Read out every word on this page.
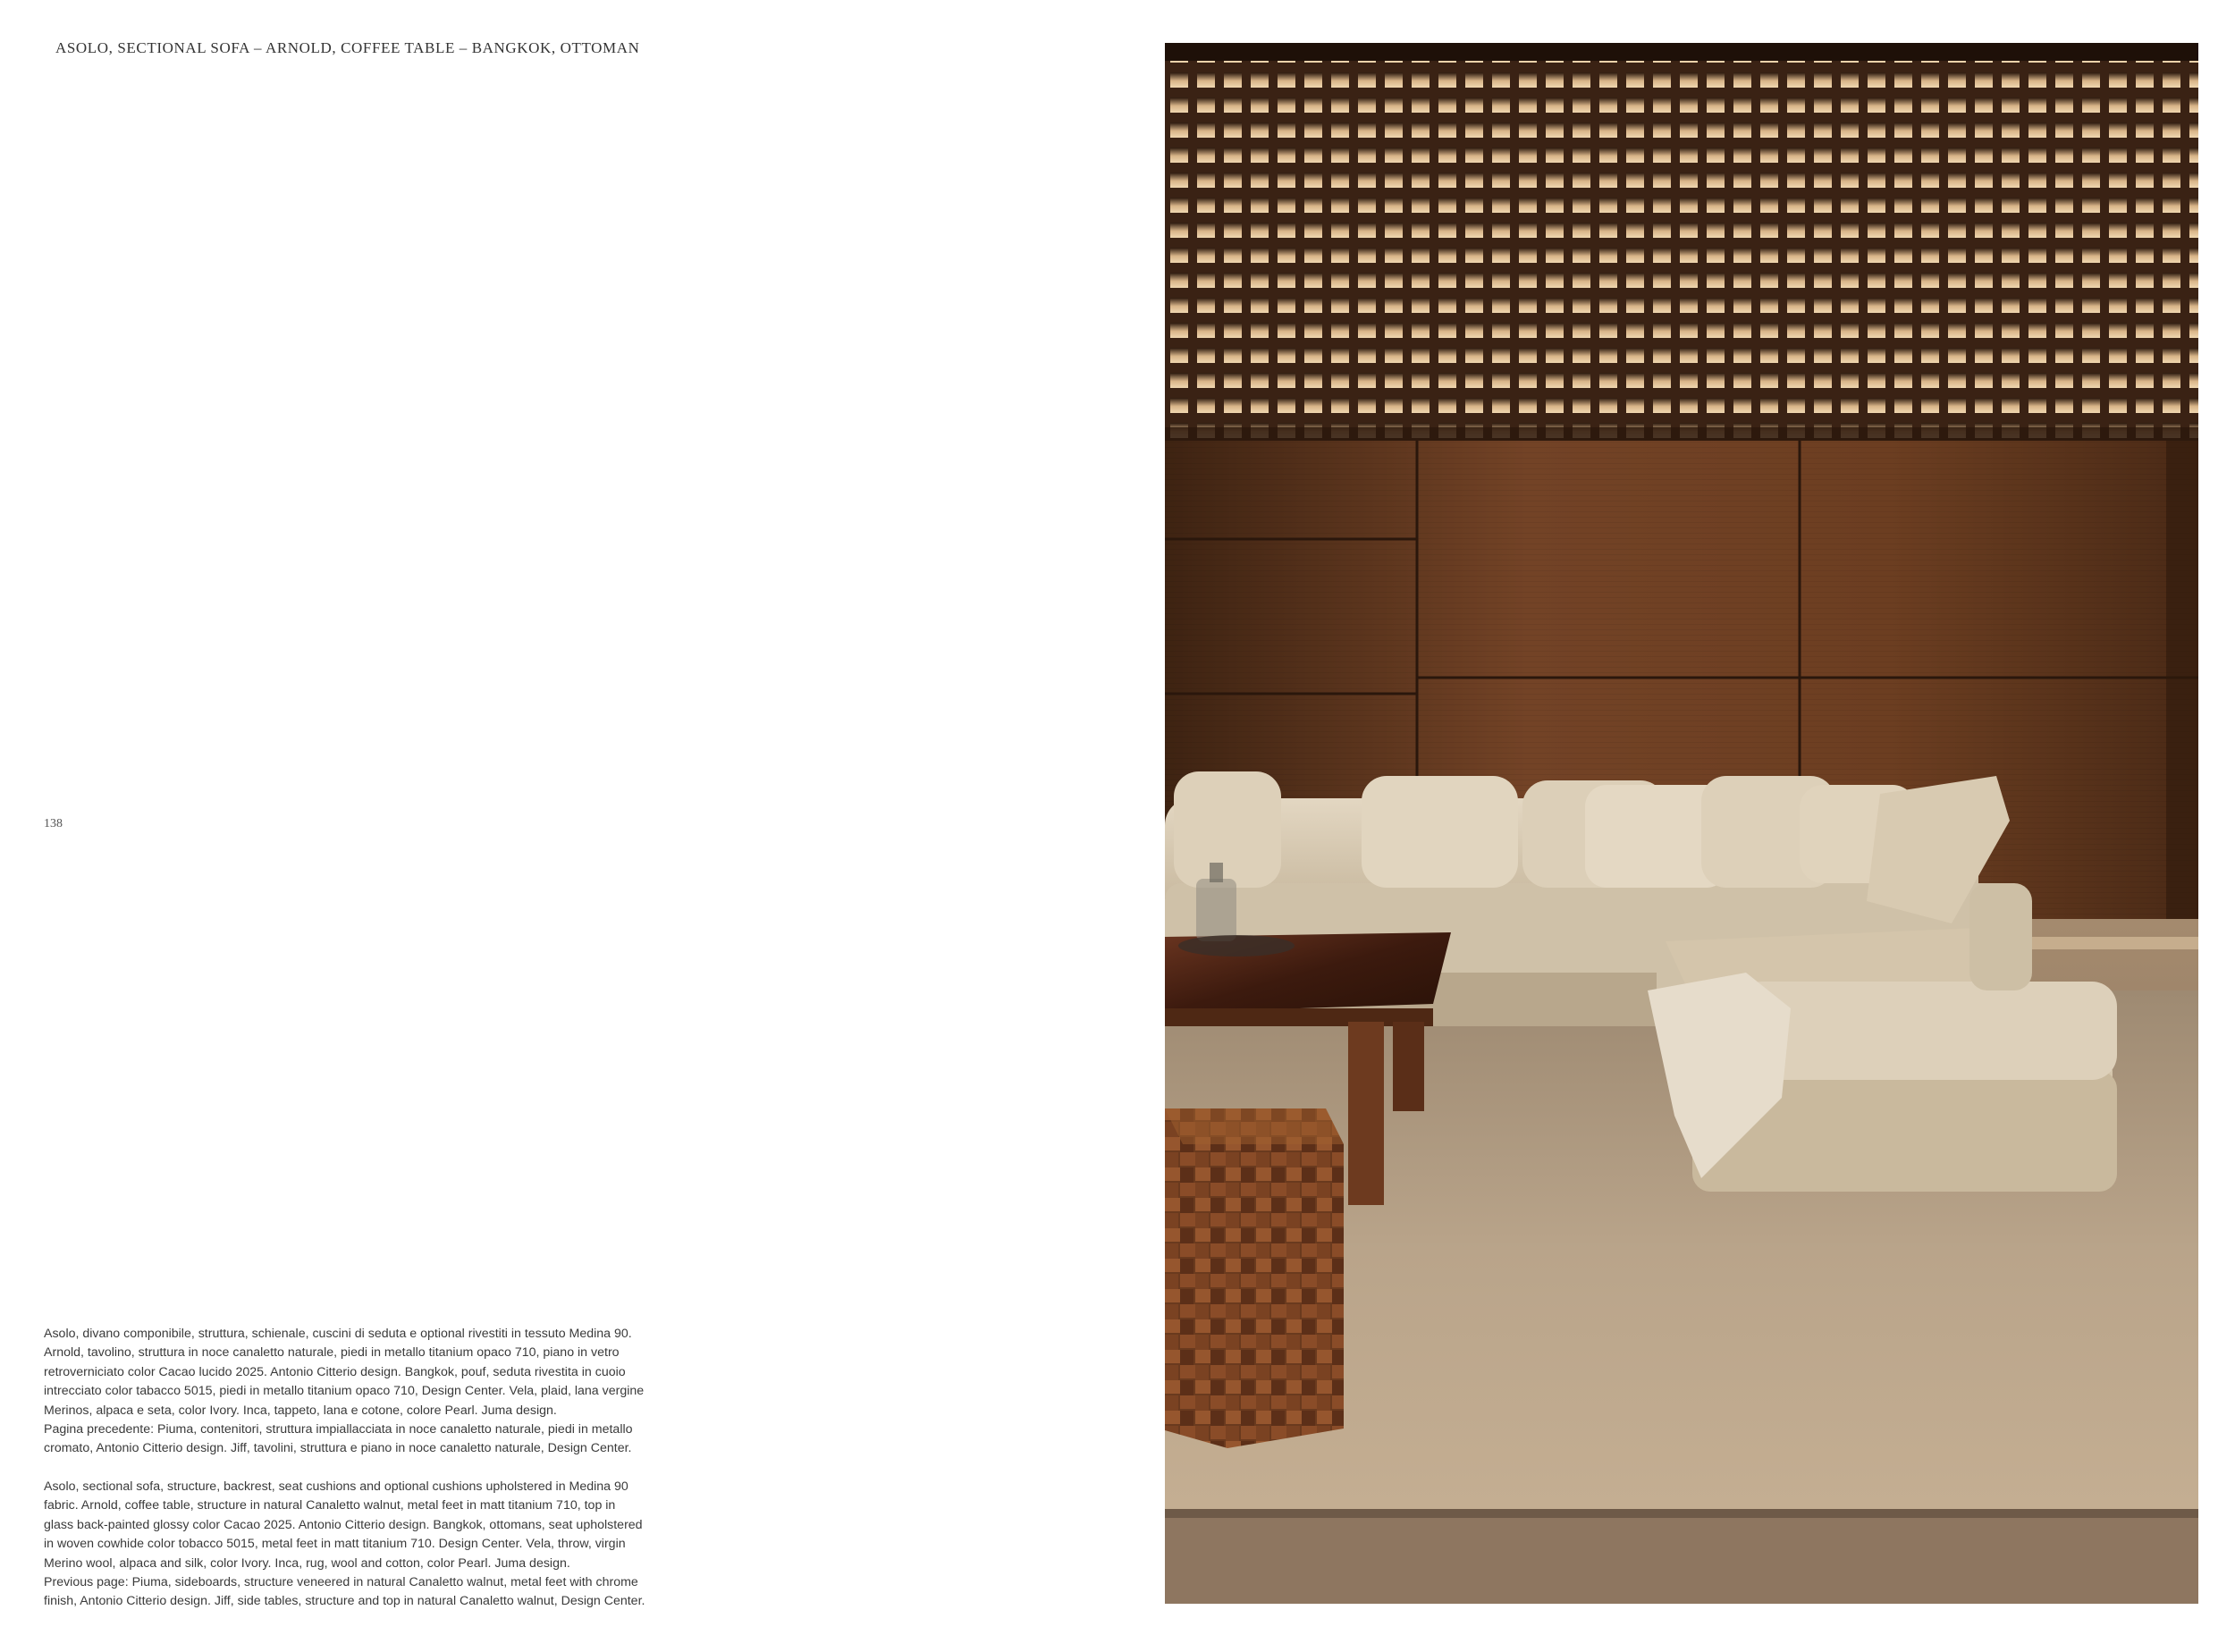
ASOLO, SECTIONAL SOFA – ARNOLD, COFFEE TABLE – BANGKOK, OTTOMAN
138

Asolo, divano componibile, struttura, schienale, cuscini di seduta e optional rivestiti in tessuto Medina 90.

Arnold, tavolino, struttura in noce canaletto naturale, piedi in metallo titanium opaco 710, piano in vetro

retroverniciato color Cacao lucido 2025. Antonio Citterio design. Bangkok, pouf, seduta rivestita in cuoio

intrecciato color tabacco 5015, piedi in metallo titanium opaco 710, Design Center. Vela, plaid, lana vergine

Merinos, alpaca e seta, color Ivory. Inca, tappeto, lana e cotone, colore Pearl. Juma design.

Pagina precedente: Piuma, contenitori, struttura impiallacciata in noce canaletto naturale, piedi in metallo

cromato, Antonio Citterio design. Jiff, tavolini, struttura e piano in noce canaletto naturale, Design Center.

Asolo, sectional sofa, structure, backrest, seat cushions and optional cushions upholstered in Medina 90

fabric. Arnold, coffee table, structure in natural Canaletto walnut, metal feet in matt titanium 710, top in

glass back-painted glossy color Cacao 2025. Antonio Citterio design. Bangkok, ottomans, seat upholstered

in woven cowhide color tobacco 5015, metal feet in matt titanium 710. Design Center. Vela, throw, virgin

Merino wool, alpaca and silk, color Ivory. Inca, rug, wool and cotton, color Pearl. Juma design.

Previous page: Piuma, sideboards, structure veneered in natural Canaletto walnut, metal feet with chrome

finish, Antonio Citterio design. Jiff, side tables, structure and top in natural Canaletto walnut, Design Center.
